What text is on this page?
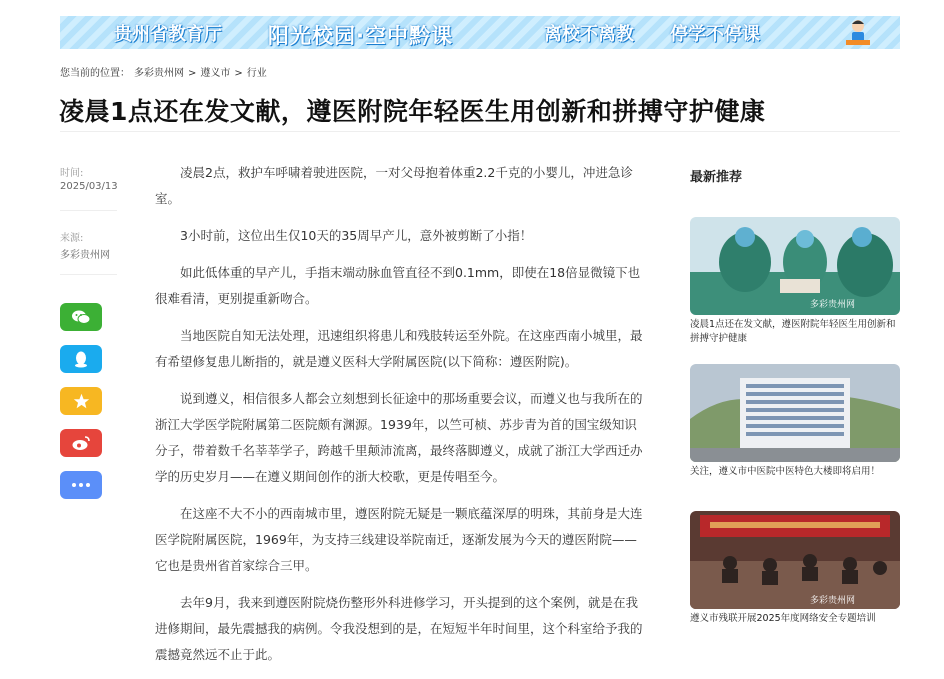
贵州省教育厅 阳光校园·空中黔课	离校不离教 停学不停课
您当前的位置： 多彩贵州网 > 遵义市 > 行业
凌晨1点还在发文献，遵医附院年轻医生用创新和拼搏守护健康
时间:
2025/03/13
来源:
多彩贵州网

凌晨2点，救护车呼啸着驶进医院，一对父母抱着体重2.2千克的小婴儿，冲进急诊室。

3小时前，这位出生仅10天的35周早产儿，意外被剪断了小指！

如此低体重的早产儿，手指末端动脉血管直径不到0.1mm，即使在18倍显微镜下也很难看清，更别提重新吻合。

当地医院自知无法处理，迅速组织将患儿和残肢转运至外院。在这座西南小城里，最有希望修复患儿断指的，就是遵义医科大学附属医院(以下简称：遵医附院)。

说到遵义，相信很多人都会立刻想到长征途中的那场重要会议，而遵义也与我所在的浙江大学医学院附属第二医院颇有渊源。1939年，以竺可桢、苏步青为首的国宝级知识分子，带着数千名莘莘学子，跨越千里颠沛流离，最终落脚遵义，成就了浙江大学西迁办学的历史岁月——在遵义期间创作的浙大校歌，更是传唱至今。

在这座不大不小的西南城市里，遵医附院无疑是一颗底蕴深厚的明珠，其前身是大连医学院附属医院，1969年，为支持三线建设举院南迁，逐渐发展为今天的遵医附院——它也是贵州省首家综合三甲。

去年9月，我来到遵医附院烧伤整形外科进修学习，开头提到的这个案例，就是在我进修期间，最先震撼我的病例。令我没想到的是，在短短半年时间里，这个科室给予我的震撼竟然远不止于此。

最新推荐
多彩贵州网
凌晨1点还在发文献，遵医附院年轻医生用创新和拼搏守护健康
关注，遵义市中医院中医特色大楼即将启用！
多彩贵州网
遵义市残联开展2025年度网络安全专题培训
